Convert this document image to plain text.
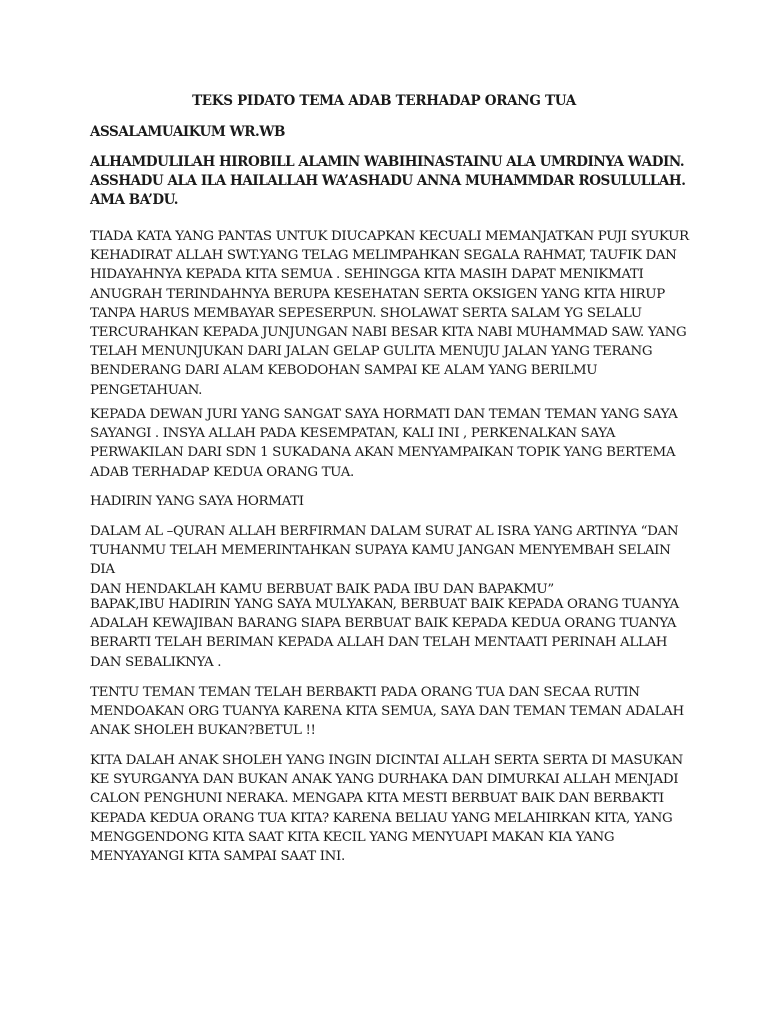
TEKS PIDATO TEMA ADAB TERHADAP ORANG TUA

ASSALAMUAIKUM WR.WB

ALHAMDULILAH HIROBILL ALAMIN WABIHINASTAINU ALA UMRDINYA WADIN.
ASSHADU ALA ILA HAILALLAH WA’ASHADU ANNA MUHAMMDAR ROSULULLAH.
AMA BA’DU.

TIADA KATA YANG PANTAS UNTUK DIUCAPKAN KECUALI MEMANJATKAN PUJI SYUKUR
KEHADIRAT ALLAH SWT.YANG TELAG MELIMPAHKAN SEGALA RAHMAT, TAUFIK DAN
HIDAYAHNYA KEPADA KITA SEMUA . SEHINGGA KITA MASIH DAPAT MENIKMATI
ANUGRAH TERINDAHNYA BERUPA KESEHATAN SERTA OKSIGEN YANG KITA HIRUP
TANPA HARUS MEMBAYAR SEPESERPUN. SHOLAWAT SERTA SALAM YG SELALU
TERCURAHKAN KEPADA JUNJUNGAN NABI BESAR KITA NABI MUHAMMAD SAW. YANG
TELAH MENUNJUKAN DARI JALAN GELAP GULITA MENUJU JALAN YANG TERANG
BENDERANG DARI ALAM KEBODOHAN SAMPAI KE ALAM YANG BERILMU
PENGETAHUAN.

KEPADA DEWAN JURI YANG SANGAT SAYA HORMATI DAN TEMAN TEMAN YANG SAYA
SAYANGI . INSYA ALLAH PADA KESEMPATAN, KALI INI , PERKENALKAN SAYA
PERWAKILAN DARI SDN 1 SUKADANA AKAN MENYAMPAIKAN TOPIK YANG BERTEMA
ADAB TERHADAP KEDUA ORANG TUA.

HADIRIN YANG SAYA HORMATI

DALAM AL –QURAN ALLAH BERFIRMAN DALAM SURAT AL ISRA YANG ARTINYA “DAN
TUHANMU TELAH MEMERINTAHKAN SUPAYA KAMU JANGAN MENYEMBAH SELAIN DIA
DAN HENDAKLAH KAMU BERBUAT BAIK PADA IBU DAN BAPAKMU”

BAPAK,IBU HADIRIN YANG SAYA MULYAKAN, BERBUAT BAIK KEPADA ORANG TUANYA
ADALAH KEWAJIBAN BARANG SIAPA BERBUAT BAIK KEPADA KEDUA ORANG TUANYA
BERARTI TELAH BERIMAN KEPADA ALLAH DAN TELAH MENTAATI PERINAH ALLAH
DAN SEBALIKNYA .

TENTU TEMAN TEMAN TELAH BERBAKTI PADA ORANG TUA DAN SECAA RUTIN
MENDOAKAN ORG TUANYA KARENA KITA SEMUA, SAYA DAN TEMAN TEMAN ADALAH
ANAK SHOLEH BUKAN?BETUL !!

KITA DALAH ANAK SHOLEH YANG INGIN DICINTAI ALLAH SERTA SERTA DI MASUKAN
KE SYURGANYA DAN BUKAN ANAK YANG DURHAKA DAN DIMURKAI ALLAH MENJADI
CALON PENGHUNI NERAKA. MENGAPA KITA MESTI BERBUAT BAIK DAN BERBAKTI
KEPADA KEDUA ORANG TUA KITA? KARENA BELIAU YANG MELAHIRKAN KITA, YANG
MENGGENDONG KITA SAAT KITA KECIL YANG MENYUAPI MAKAN KIA YANG
MENYAYANGI KITA SAMPAI SAAT INI.
